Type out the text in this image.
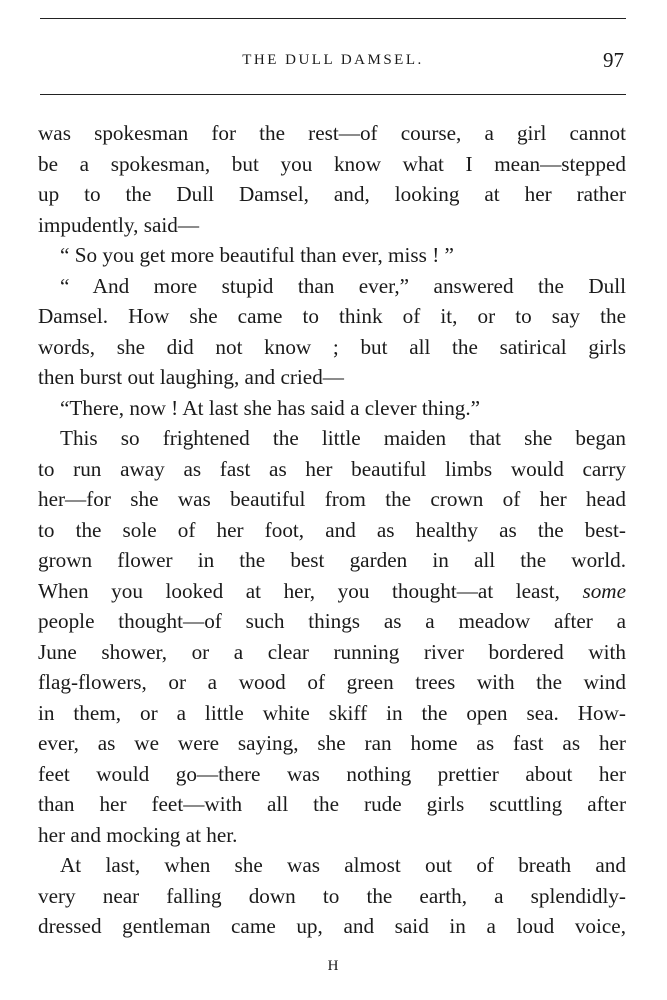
THE DULL DAMSEL.	97
was spokesman for the rest—of course, a girl cannot
be a spokesman, but you know what I mean—stepped
up to the Dull Damsel, and, looking at her rather
impudently, said—
“ So you get more beautiful than ever, miss ! ”
“ And more stupid than ever,” answered the Dull
Damsel. How she came to think of it, or to say the
words, she did not know ; but all the satirical girls
then burst out laughing, and cried—
“There, now ! At last she has said a clever thing.”
This so frightened the little maiden that she began
to run away as fast as her beautiful limbs would carry
her—for she was beautiful from the crown of her head
to the sole of her foot, and as healthy as the best-
grown flower in the best garden in all the world.
When you looked at her, you thought—at least, some
people thought—of such things as a meadow after a
June shower, or a clear running river bordered with
flag-flowers, or a wood of green trees with the wind
in them, or a little white skiff in the open sea. How-
ever, as we were saying, she ran home as fast as her
feet would go—there was nothing prettier about her
than her feet—with all the rude girls scuttling after
her and mocking at her.
At last, when she was almost out of breath and
very near falling down to the earth, a splendidly-
dressed gentleman came up, and said in a loud voice,
H
